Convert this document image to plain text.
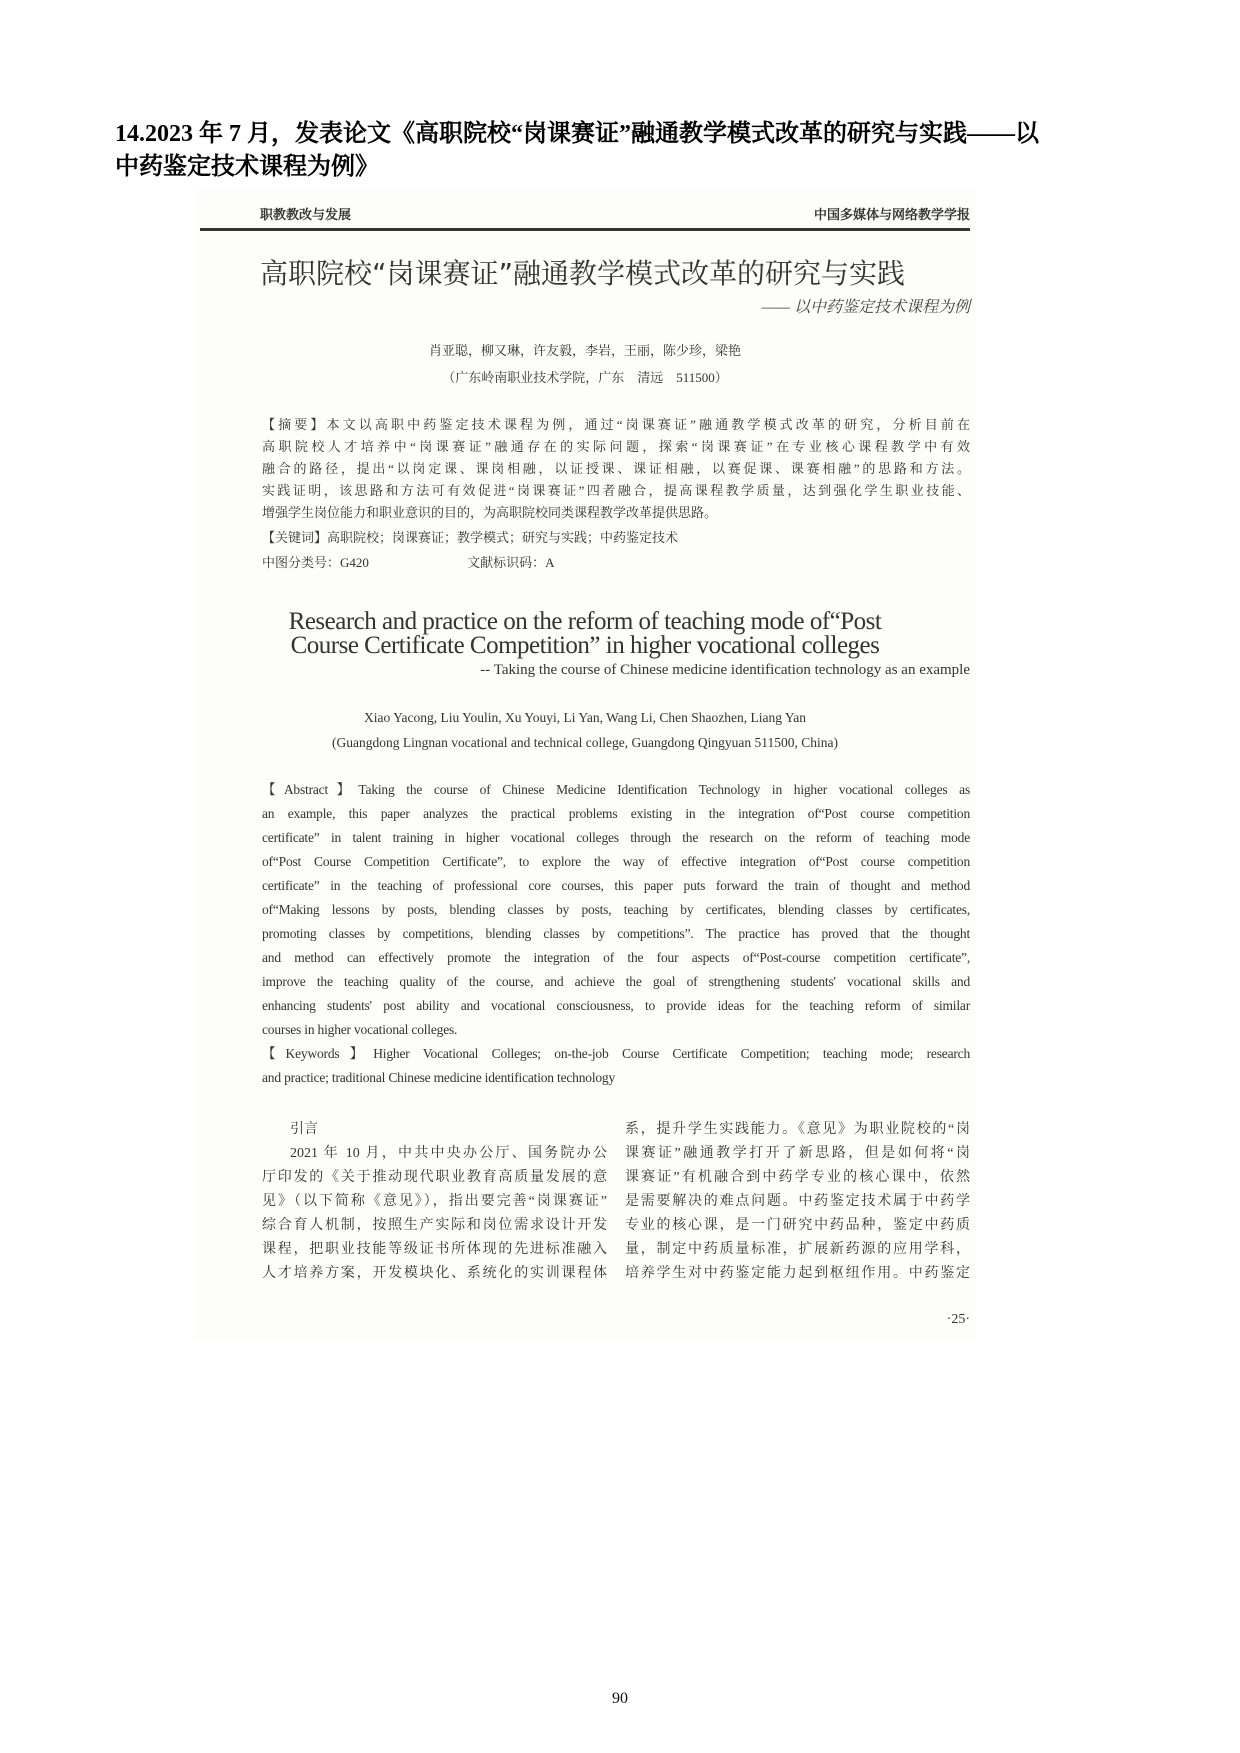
14.2023 年 7 月，发表论文《高职院校“岗课赛证”融通教学模式改革的研究与实践——以
中药鉴定技术课程为例》
职教教改与发展	中国多媒体与网络教学学报
高职院校“岗课赛证”融通教学模式改革的研究与实践
—— 以中药鉴定技术课程为例
肖亚聪，柳又琳，许友毅，李岩，王丽，陈少珍，梁艳
（广东岭南职业技术学院，广东　清远　511500）
【摘要】本文以高职中药鉴定技术课程为例，通过“岗课赛证”融通教学模式改革的研究，分析目前在
高职院校人才培养中“岗课赛证”融通存在的实际问题，探索“岗课赛证”在专业核心课程教学中有效
融合的路径，提出“以岗定课、课岗相融，以证授课、课证相融，以赛促课、课赛相融”的思路和方法。
实践证明，该思路和方法可有效促进“岗课赛证”四者融合，提高课程教学质量，达到强化学生职业技能、
增强学生岗位能力和职业意识的目的，为高职院校同类课程教学改革提供思路。
【关键词】高职院校；岗课赛证；教学模式；研究与实践；中药鉴定技术
中图分类号：G420	文献标识码：A
Research and practice on the reform of teaching mode of“Post
Course Certificate Competition” in higher vocational colleges
-- Taking the course of Chinese medicine identification technology as an example
Xiao Yacong, Liu Youlin, Xu Youyi, Li Yan, Wang Li, Chen Shaozhen, Liang Yan
(Guangdong Lingnan vocational and technical college, Guangdong Qingyuan 511500, China)
【Abstract】Taking the course of Chinese Medicine Identification Technology in higher vocational colleges as
an example, this paper analyzes the practical problems existing in the integration of“Post course competition
certificate” in talent training in higher vocational colleges through the research on the reform of teaching mode
of“Post Course Competition Certificate”, to explore the way of effective integration of“Post course competition
certificate” in the teaching of professional core courses, this paper puts forward the train of thought and method
of“Making lessons by posts, blending classes by posts, teaching by certificates, blending classes by certificates,
promoting classes by competitions, blending classes by competitions”. The practice has proved that the thought
and method can effectively promote the integration of the four aspects of“Post-course competition certificate”,
improve the teaching quality of the course, and achieve the goal of strengthening students' vocational skills and
enhancing students' post ability and vocational consciousness, to provide ideas for the teaching reform of similar
courses in higher vocational colleges.
【Keywords】Higher Vocational Colleges; on-the-job Course Certificate Competition; teaching mode; research
and practice; traditional Chinese medicine identification technology
引言
2021 年 10 月，中共中央办公厅、国务院办公
厅印发的《关于推动现代职业教育高质量发展的意
见》（以下简称《意见》），指出要完善“岗课赛证”
综合育人机制，按照生产实际和岗位需求设计开发
课程，把职业技能等级证书所体现的先进标准融入
人才培养方案，开发模块化、系统化的实训课程体
系，提升学生实践能力。《意见》为职业院校的“岗
课赛证”融通教学打开了新思路，但是如何将“岗
课赛证”有机融合到中药学专业的核心课中，依然
是需要解决的难点问题。中药鉴定技术属于中药学
专业的核心课，是一门研究中药品种，鉴定中药质
量，制定中药质量标准，扩展新药源的应用学科，
培养学生对中药鉴定能力起到枢纽作用。中药鉴定
·25·
90
